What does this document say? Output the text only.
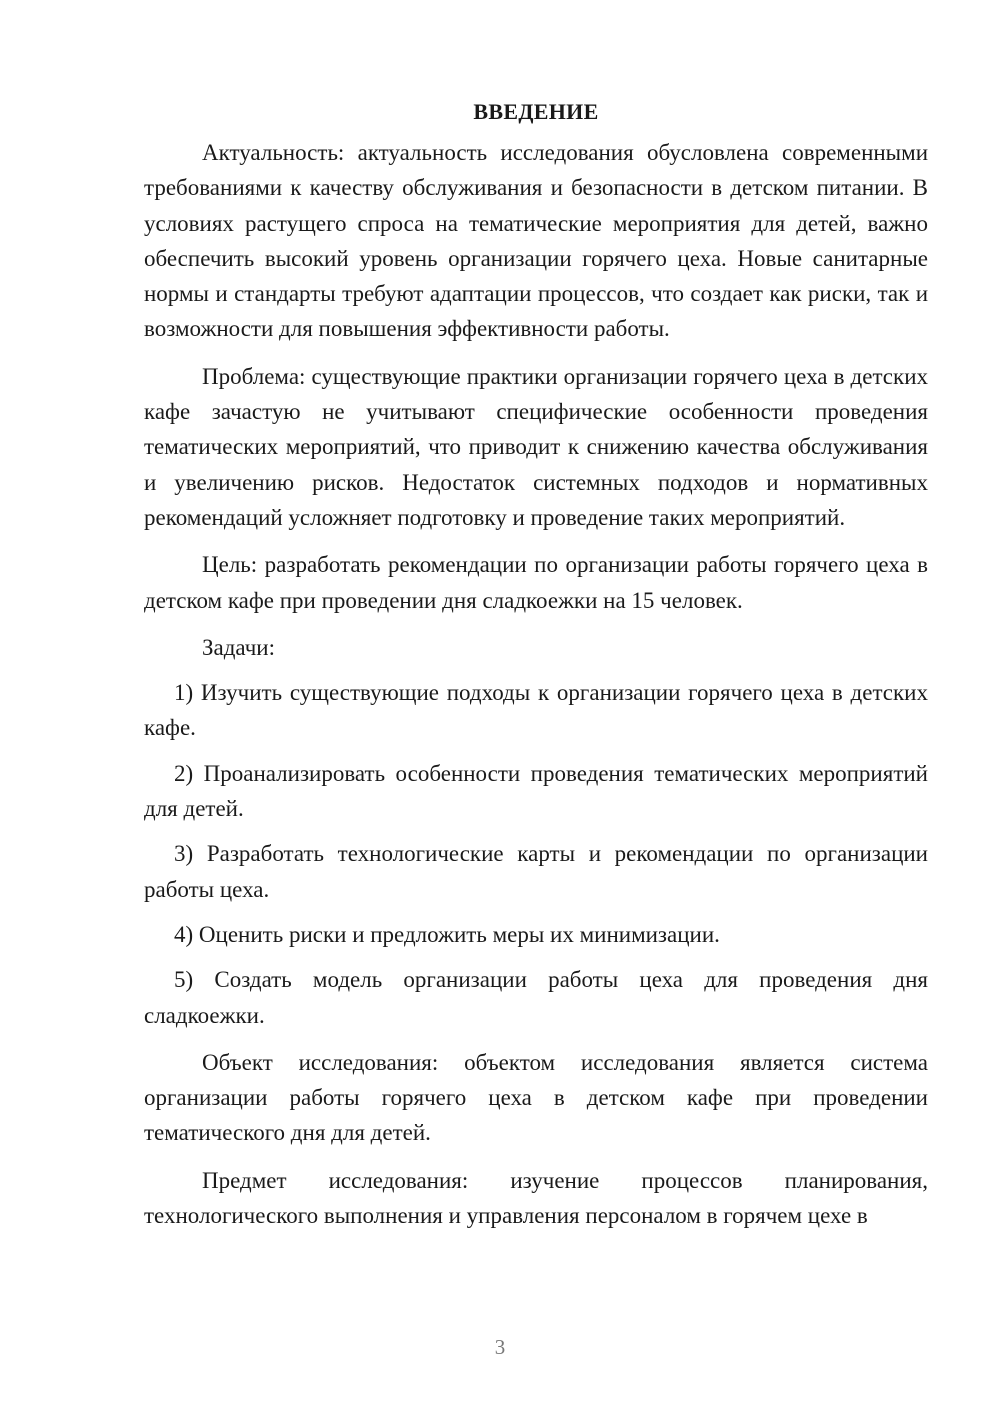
ВВЕДЕНИЕ

Актуальность: актуальность исследования обусловлена современными требованиями к качеству обслуживания и безопасности в детском питании. В условиях растущего спроса на тематические мероприятия для детей, важно обеспечить высокий уровень организации горячего цеха. Новые санитарные нормы и стандарты требуют адаптации процессов, что создает как риски, так и возможности для повышения эффективности работы.

Проблема: существующие практики организации горячего цеха в детских кафе зачастую не учитывают специфические особенности проведения тематических мероприятий, что приводит к снижению качества обслуживания и увеличению рисков. Недостаток системных подходов и нормативных рекомендаций усложняет подготовку и проведение таких мероприятий.

Цель: разработать рекомендации по организации работы горячего цеха в детском кафе при проведении дня сладкоежки на 15 человек.

Задачи:

1) Изучить существующие подходы к организации горячего цеха в детских кафе.

2) Проанализировать особенности проведения тематических мероприятий для детей.

3) Разработать технологические карты и рекомендации по организации работы цеха.

4) Оценить риски и предложить меры их минимизации.

5) Создать модель организации работы цеха для проведения дня сладкоежки.

Объект исследования: объектом исследования является система организации работы горячего цеха в детском кафе при проведении тематического дня для детей.

Предмет исследования: изучение процессов планирования, технологического выполнения и управления персоналом в горячем цехе в

3
